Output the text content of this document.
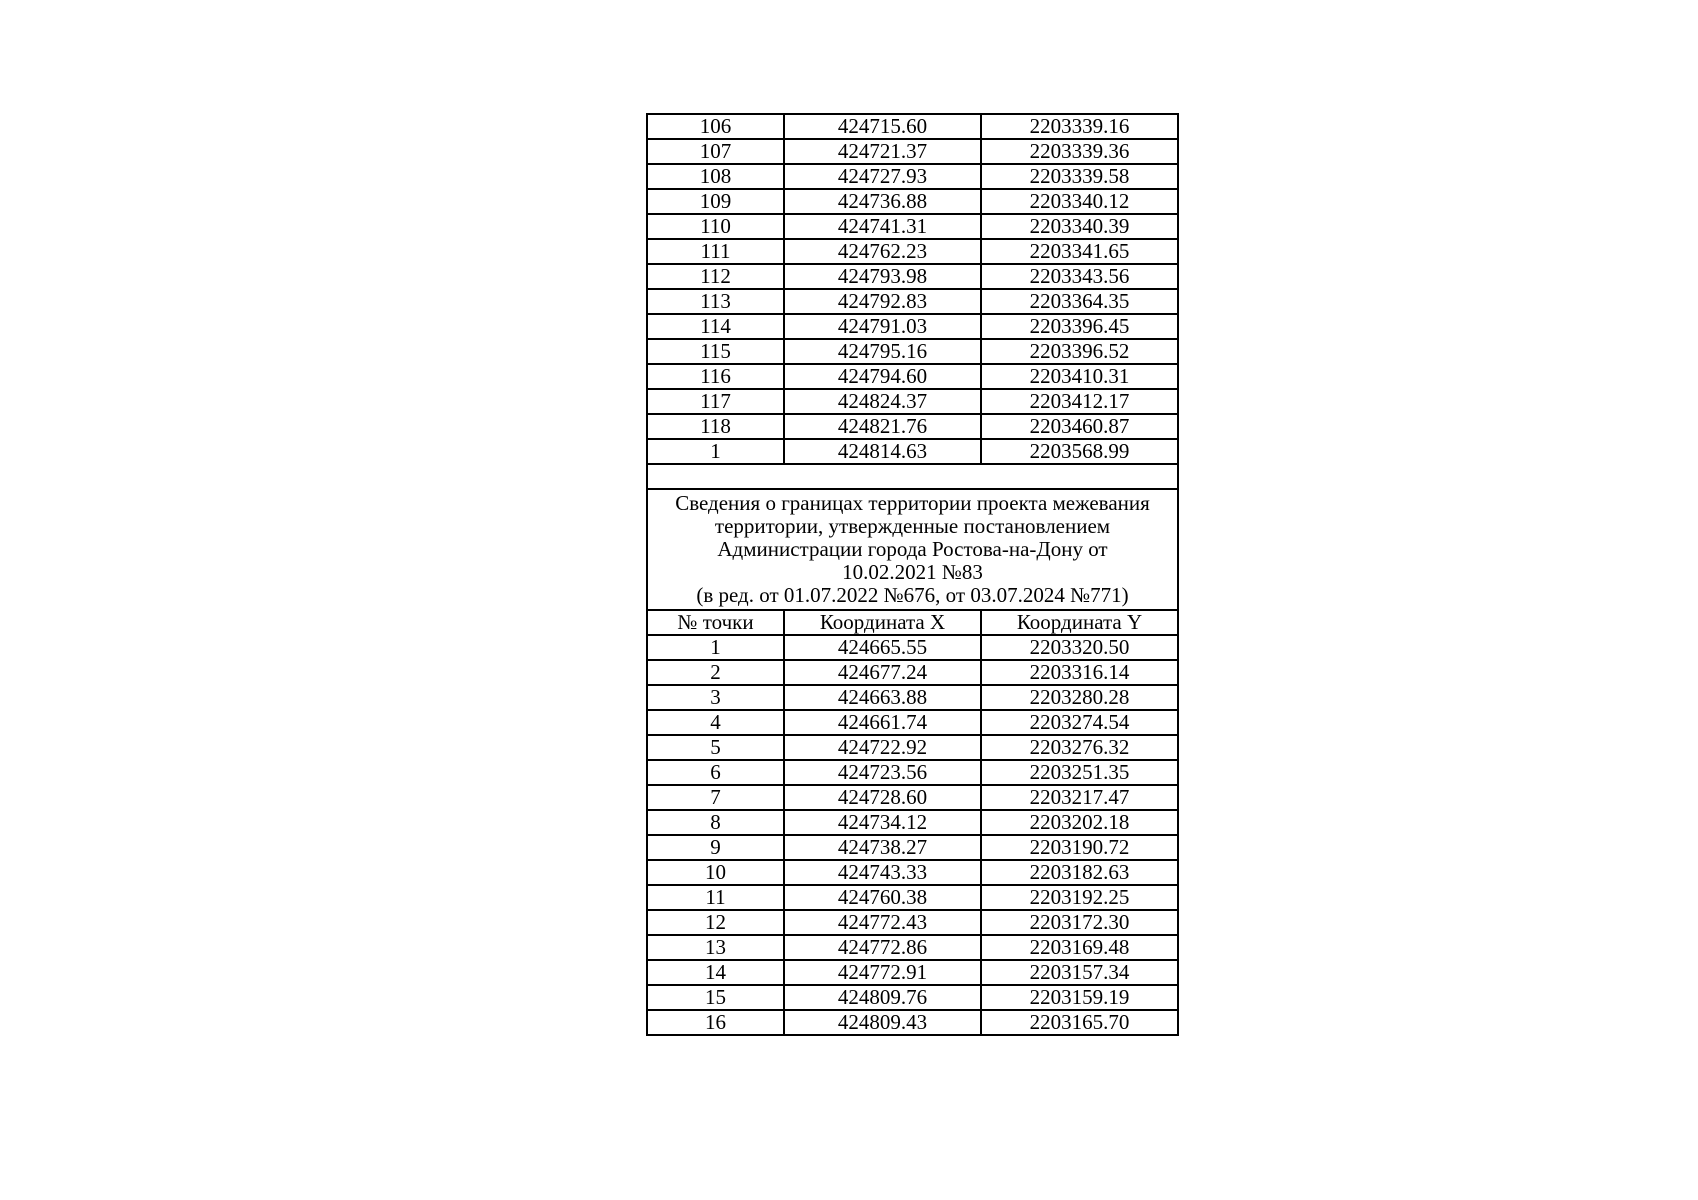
106	424715.60	2203339.16
107	424721.37	2203339.36
108	424727.93	2203339.58
109	424736.88	2203340.12
110	424741.31	2203340.39
111	424762.23	2203341.65
112	424793.98	2203343.56
113	424792.83	2203364.35
114	424791.03	2203396.45
115	424795.16	2203396.52
116	424794.60	2203410.31
117	424824.37	2203412.17
118	424821.76	2203460.87
1	424814.63	2203568.99

Сведения о границах территории проекта межевания
территории, утвержденные постановлением
Администрации города Ростова-на-Дону от
10.02.2021 №83
(в ред. от 01.07.2022 №676, от 03.07.2024 №771)		

№ точки	Координата X	Координата Y
1	424665.55	2203320.50
2	424677.24	2203316.14
3	424663.88	2203280.28
4	424661.74	2203274.54
5	424722.92	2203276.32
6	424723.56	2203251.35
7	424728.60	2203217.47
8	424734.12	2203202.18
9	424738.27	2203190.72
10	424743.33	2203182.63
11	424760.38	2203192.25
12	424772.43	2203172.30
13	424772.86	2203169.48
14	424772.91	2203157.34
15	424809.76	2203159.19
16	424809.43	2203165.70
